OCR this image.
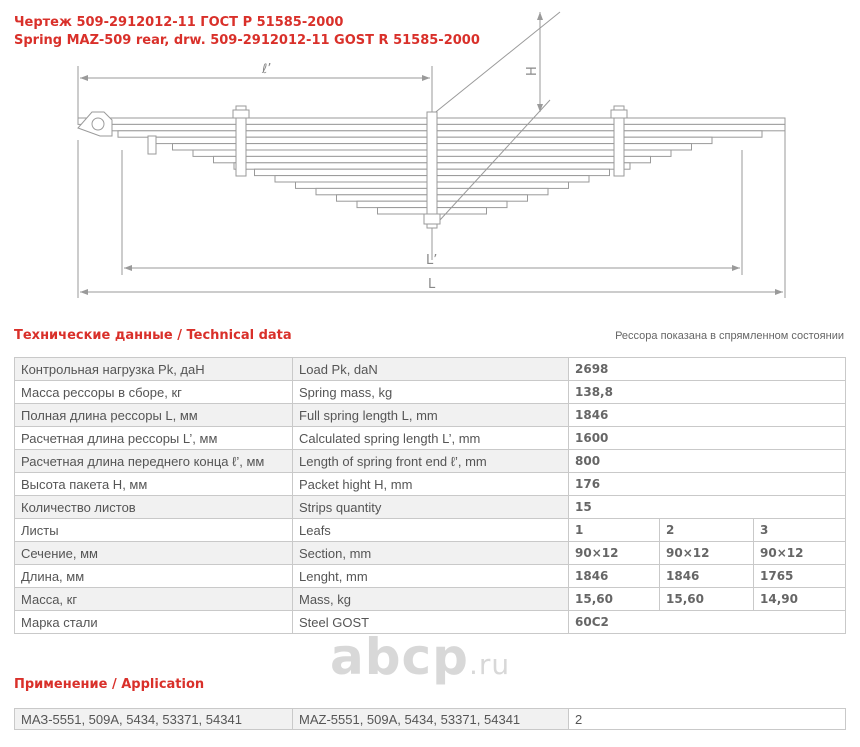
Чертеж 509-2912012-11 ГОСТ Р 51585-2000
Spring MAZ-509 rear, drw. 509-2912012-11 GOST R 51585-2000
ℓ’	H
L’
L
Технические данные / Technical data	Рессора показана в спрямленном состоянии
Контрольная нагрузка Pk, даН	Load Pk, daN	2698		
Масса рессоры в сборе, кг	Spring mass, kg	138,8		
Полная длина рессоры L, мм	Full spring length L, mm	1846		
Расчетная длина рессоры L’, мм	Calculated spring length L’, mm	1600		
Расчетная длина переднего конца ℓ’, мм	Length of spring front end ℓ’, mm	800		
Высота пакета H, мм	Packet hight H, mm	176		
Количество листов	Strips quantity	15		
Листы	Leafs	1	2	3
Сечение, мм	Section, mm	90×12	90×12	90×12
Длина, мм	Lenght, mm	1846	1846	1765
Масса, кг	Mass, kg	15,60	15,60	14,90
Марка стали	Steel GOST	60С2		
Применение / Application
МАЗ-5551, 509А, 5434, 53371, 54341	MAZ-5551, 509A, 5434, 53371, 54341	2
abcp.ru
